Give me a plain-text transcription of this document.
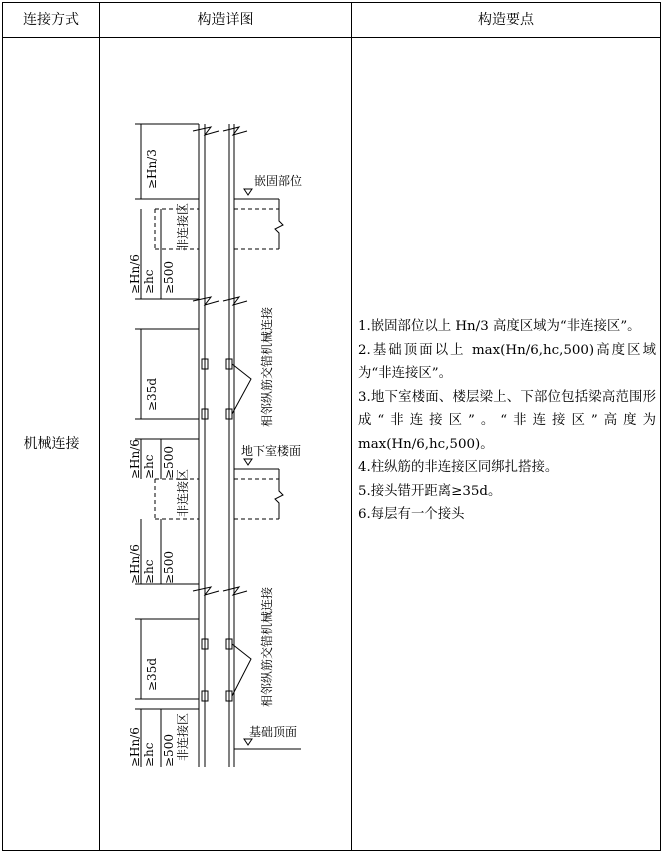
连接方式	构造详图	构造要点
机械连接
嵌固部位
地下室楼面
基础顶面
≥Hn/3
≥Hn/6 ≥hc ≥500
非连接区
≥35d
≥Hn/6 ≥hc ≥500
非连接区
≥Hn/6 ≥hc ≥500
≥35d
≥Hn/6 ≥hc ≥500 非连接区
相邻纵筋交错机械连接
相邻纵筋交错机械连接

1.嵌固部位以上 Hn/3 高度区域为“非连接区”。

2.基础顶面以上 max(Hn/6,hc,500)高度区域为“非连接区”。

3.地下室楼面、楼层梁上、下部位包括梁高范围形成“非连接区”。“非连接区”高度为 max(Hn/6,hc,500)。

4.柱纵筋的非连接区同绑扎搭接。

5.接头错开距离≥35d。

6.每层有一个接头
